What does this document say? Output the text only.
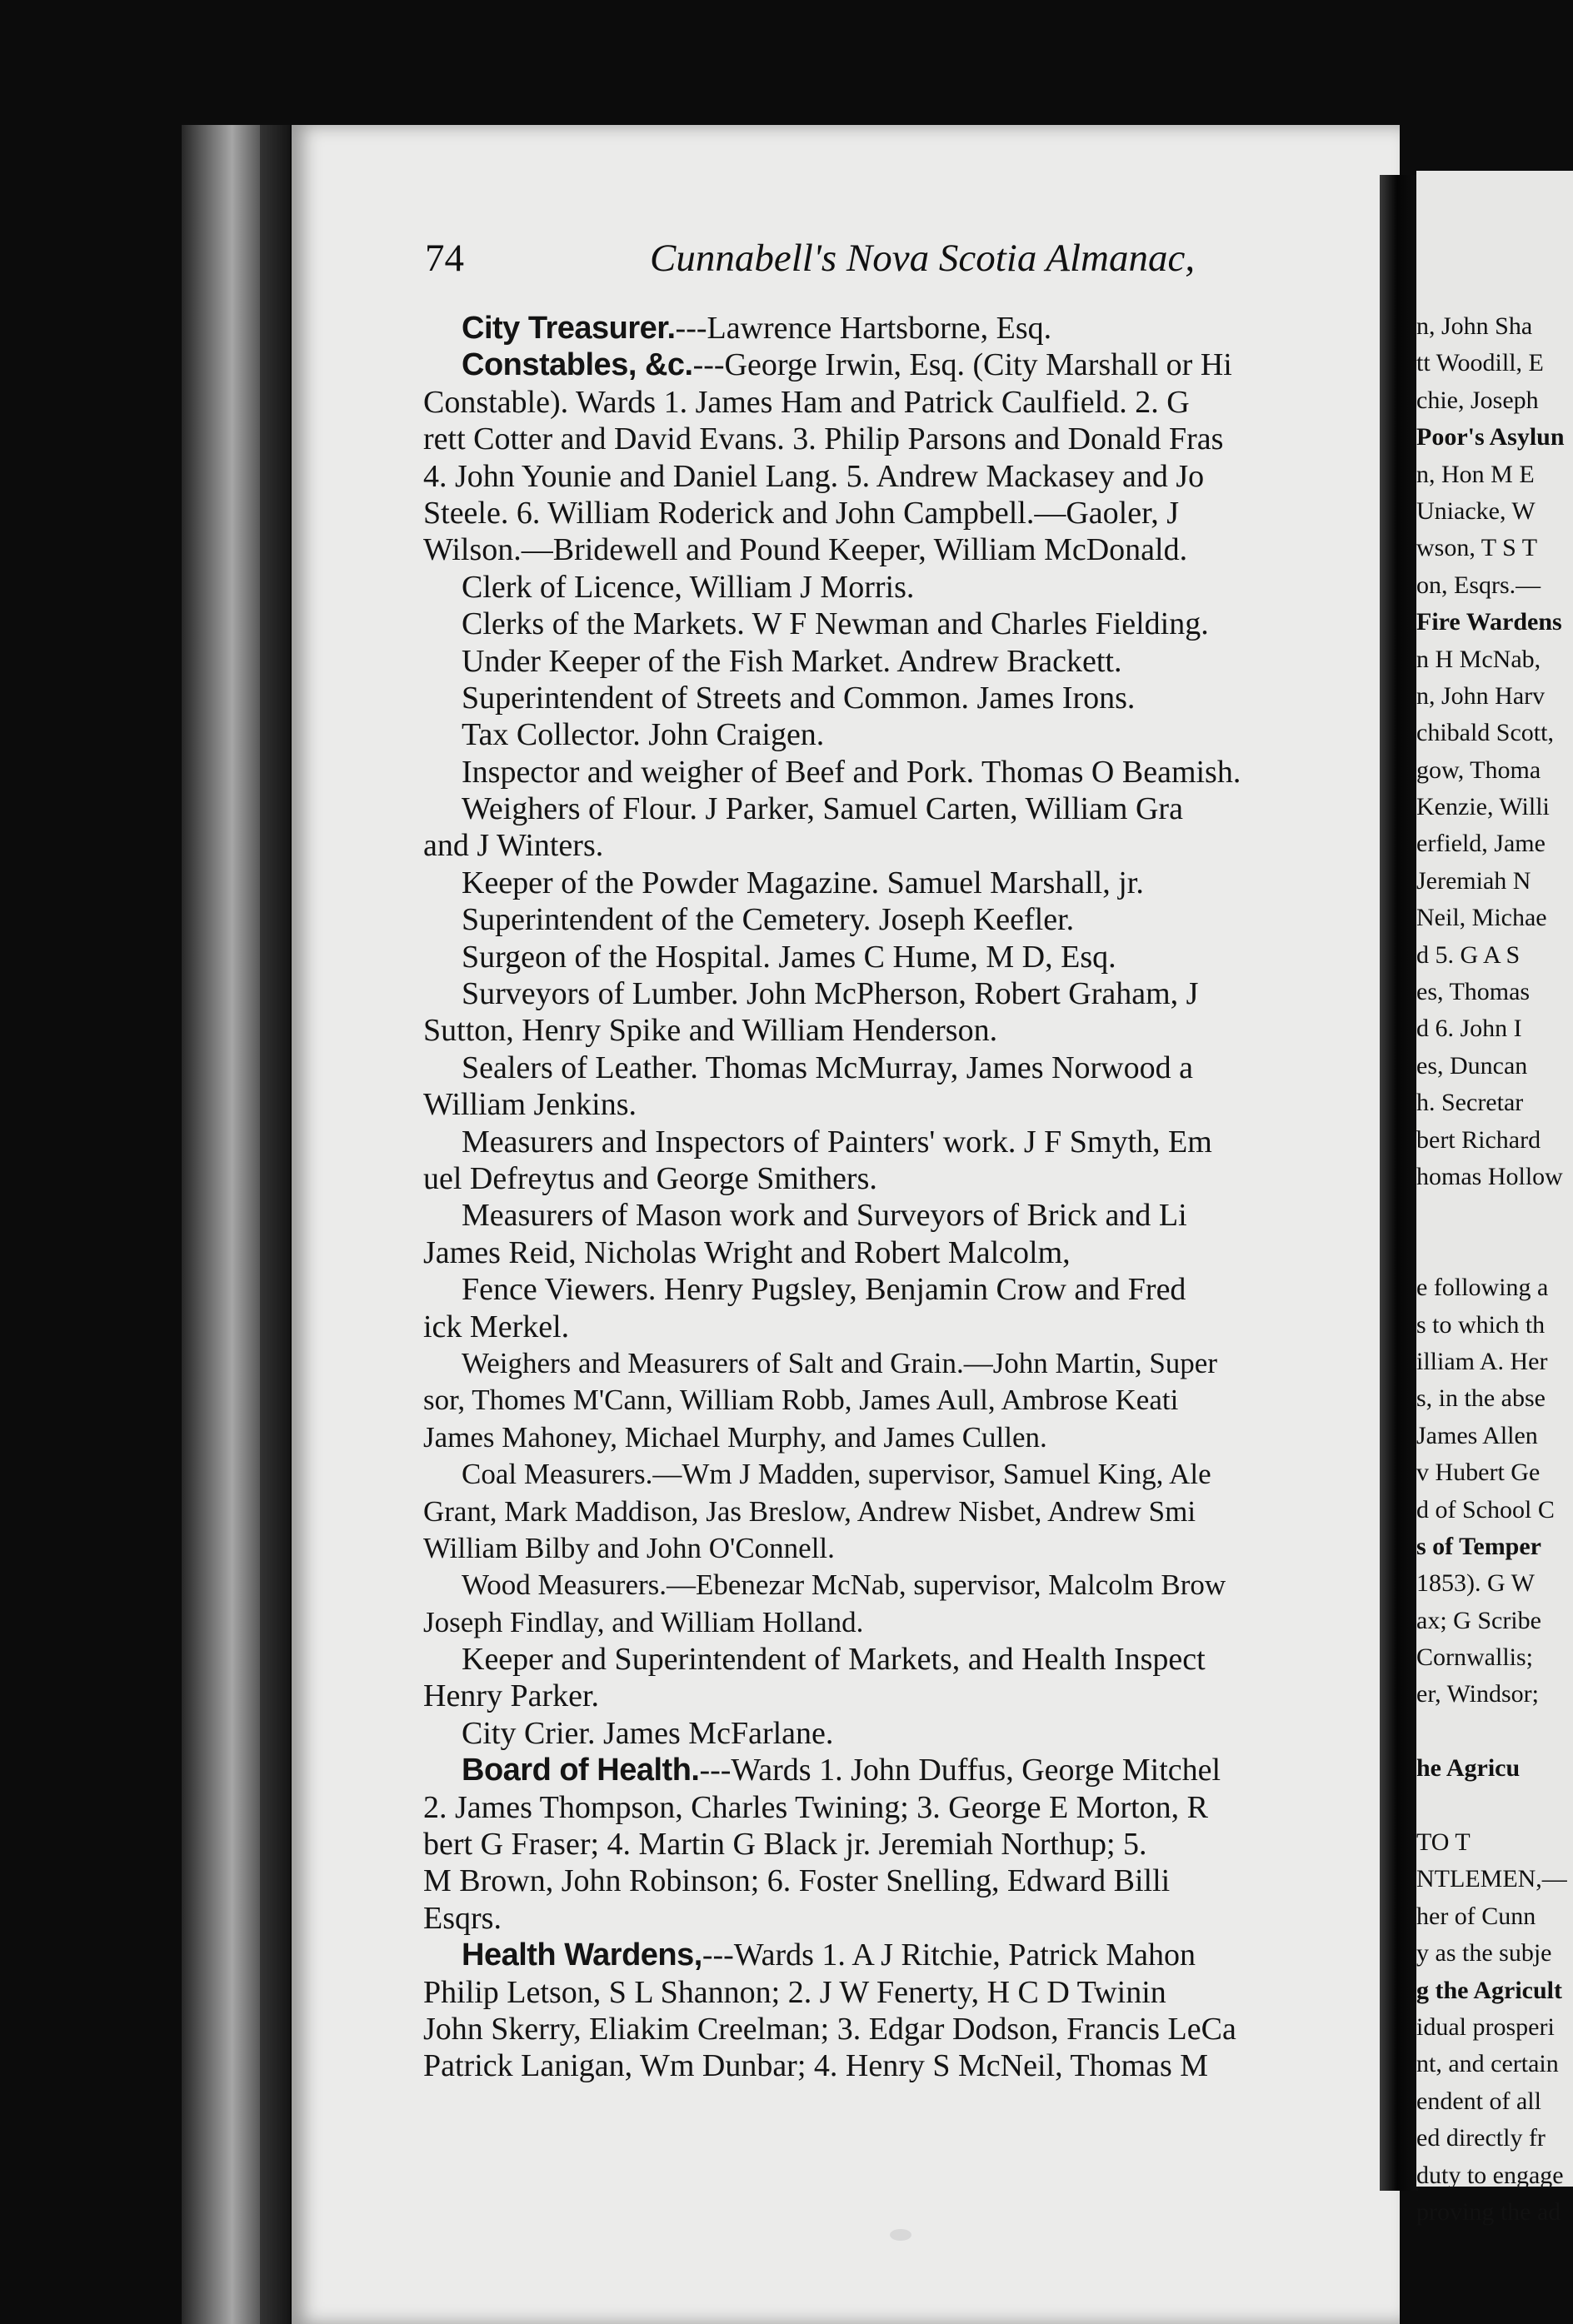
74	Cunnabell's Nova Scotia Almanac,
City Treasurer.---Lawrence Hartsborne, Esq.
Constables, &c.---George Irwin, Esq. (City Marshall or Hi
Constable). Wards 1. James Ham and Patrick Caulfield. 2. G
rett Cotter and David Evans. 3. Philip Parsons and Donald Fras
4. John Younie and Daniel Lang. 5. Andrew Mackasey and Jo
Steele. 6. William Roderick and John Campbell.—Gaoler, J
Wilson.—Bridewell and Pound Keeper, William McDonald.
Clerk of Licence, William J Morris.
Clerks of the Markets. W F Newman and Charles Fielding.
Under Keeper of the Fish Market. Andrew Brackett.
Superintendent of Streets and Common. James Irons.
Tax Collector. John Craigen.
Inspector and weigher of Beef and Pork. Thomas O Beamish.
Weighers of Flour. J Parker, Samuel Carten, William Gra
and J Winters.
Keeper of the Powder Magazine. Samuel Marshall, jr.
Superintendent of the Cemetery. Joseph Keefler.
Surgeon of the Hospital. James C Hume, M D, Esq.
Surveyors of Lumber. John McPherson, Robert Graham, J
Sutton, Henry Spike and William Henderson.
Sealers of Leather. Thomas McMurray, James Norwood a
William Jenkins.
Measurers and Inspectors of Painters' work. J F Smyth, Em
uel Defreytus and George Smithers.
Measurers of Mason work and Surveyors of Brick and Li
James Reid, Nicholas Wright and Robert Malcolm,
Fence Viewers. Henry Pugsley, Benjamin Crow and Fred
ick Merkel.
Weighers and Measurers of Salt and Grain.—John Martin, Super
sor, Thomes M'Cann, William Robb, James Aull, Ambrose Keati
James Mahoney, Michael Murphy, and James Cullen.
Coal Measurers.—Wm J Madden, supervisor, Samuel King, Ale
Grant, Mark Maddison, Jas Breslow, Andrew Nisbet, Andrew Smi
William Bilby and John O'Connell.
Wood Measurers.—Ebenezar McNab, supervisor, Malcolm Brow
Joseph Findlay, and William Holland.
Keeper and Superintendent of Markets, and Health Inspect
Henry Parker.
City Crier. James McFarlane.
Board of Health.---Wards 1. John Duffus, George Mitchel
2. James Thompson, Charles Twining; 3. George E Morton, R
bert G Fraser; 4. Martin G Black jr. Jeremiah Northup; 5.
M Brown, John Robinson; 6. Foster Snelling, Edward Billi
Esqrs.
Health Wardens,---Wards 1. A J Ritchie, Patrick Mahon
Philip Letson, S L Shannon; 2. J W Fenerty, H C D Twinin
John Skerry, Eliakim Creelman; 3. Edgar Dodson, Francis LeCa
Patrick Lanigan, Wm Dunbar; 4. Henry S McNeil, Thomas M
n, John Sha
tt Woodill, E
chie, Joseph
Poor's Asylun
n, Hon M E
Uniacke, W
wson, T S T
on, Esqrs.—
Fire Wardens
n H McNab,
n, John Harv
chibald Scott,
gow, Thoma
Kenzie, Willi
erfield, Jame
Jeremiah N
Neil, Michae
d 5. G A S
es, Thomas
d 6. John I
es, Duncan
h. Secretar
bert Richard
homas Hollow
e following a
s to which th
illiam A. Her
s, in the abse
James Allen
v Hubert Ge
d of School C
s of Temper
1853). G W
ax; G Scribe
Cornwallis;
er, Windsor;
he Agricu
TO T
NTLEMEN,—
her of Cunn
y as the subje
g the Agricult
idual prosperi
nt, and certain
endent of all
ed directly fr
duty to engage
proving the ad
